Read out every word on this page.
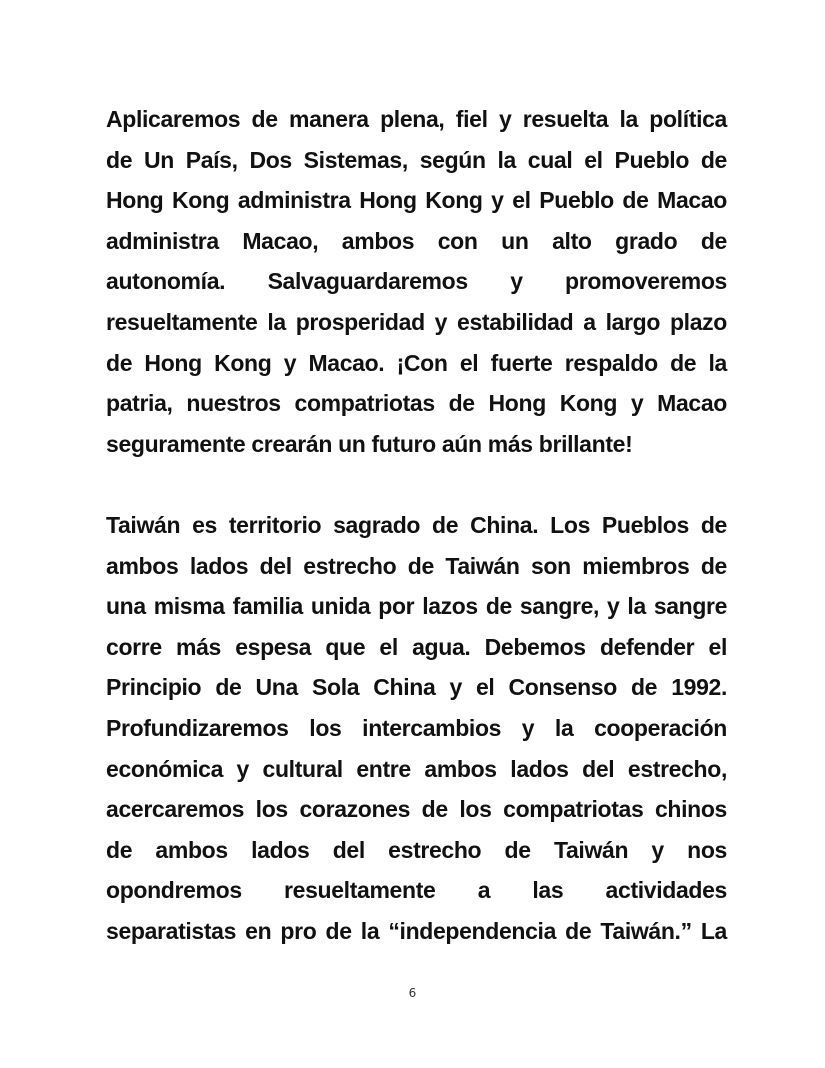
Aplicaremos de manera plena, fiel y resuelta la política
de Un País, Dos Sistemas, según la cual el Pueblo de
Hong Kong administra Hong Kong y el Pueblo de Macao
administra Macao, ambos con un alto grado de
autonomía. Salvaguardaremos y promoveremos
resueltamente la prosperidad y estabilidad a largo plazo
de Hong Kong y Macao. ¡Con el fuerte respaldo de la
patria, nuestros compatriotas de Hong Kong y Macao
seguramente crearán un futuro aún más brillante!
Taiwán es territorio sagrado de China. Los Pueblos de
ambos lados del estrecho de Taiwán son miembros de
una misma familia unida por lazos de sangre, y la sangre
corre más espesa que el agua. Debemos defender el
Principio de Una Sola China y el Consenso de 1992.
Profundizaremos los intercambios y la cooperación
económica y cultural entre ambos lados del estrecho,
acercaremos los corazones de los compatriotas chinos
de ambos lados del estrecho de Taiwán y nos
opondremos resueltamente a las actividades
separatistas en pro de la “independencia de Taiwán.” La
6
